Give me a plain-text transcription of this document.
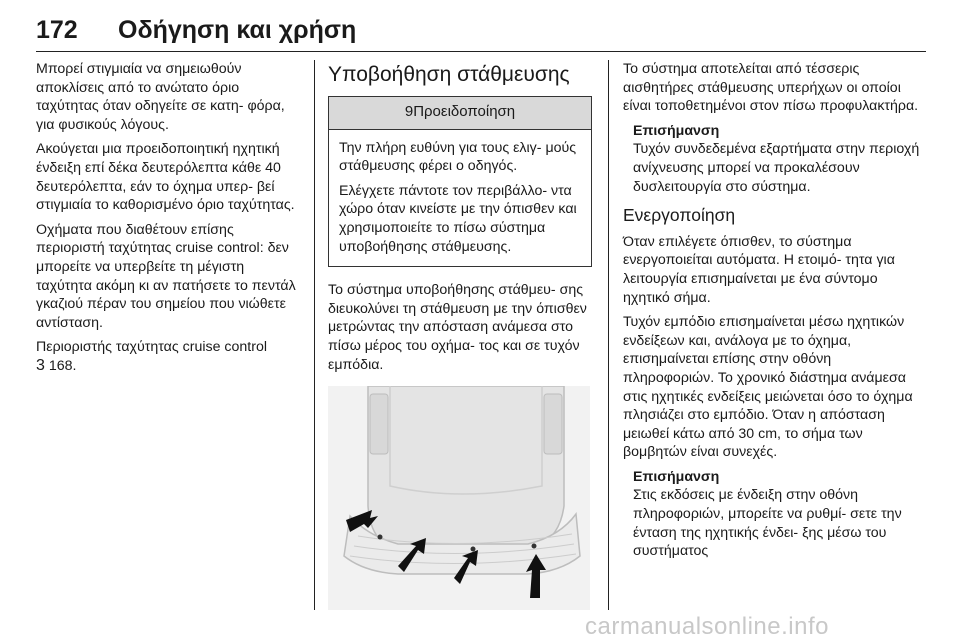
172 Οδήγηση και χρήση

Μπορεί στιγμιαία να σημειωθούν αποκλίσεις από το ανώτατο όριο ταχύτητας όταν οδηγείτε σε κατη- φόρα, για φυσικούς λόγους.

Ακούγεται μια προειδοποιητική ηχητική ένδειξη επί δέκα δευτερόλεπτα κάθε 40 δευτερόλεπτα, εάν το όχημα υπερ- βεί στιγμιαία το καθορισμένο όριο ταχύτητας.

Οχήματα που διαθέτουν επίσης περιοριστή ταχύτητας cruise control: δεν μπορείτε να υπερβείτε τη μέγιστη ταχύτητα ακόμη κι αν πατήσετε το πεντάλ γκαζιού πέραν του σημείου που νιώθετε αντίσταση.

Περιοριστής ταχύτητας cruise control
3 168.

Υποβοήθηση στάθμευσης
9Προειδοποίηση

Την πλήρη ευθύνη για τους ελιγ- μούς στάθμευσης φέρει ο οδηγός.

Ελέγχετε πάντοτε τον περιβάλλο- ντα χώρο όταν κινείστε με την όπισθεν και χρησιμοποιείτε το πίσω σύστημα υποβοήθησης στάθμευσης.

Το σύστημα υποβοήθησης στάθμευ- σης διευκολύνει τη στάθμευση με την όπισθεν μετρώντας την απόσταση ανάμεσα στο πίσω μέρος του οχήμα- τος και σε τυχόν εμπόδια.

Το σύστημα αποτελείται από τέσσερις αισθητήρες στάθμευσης υπερήχων οι οποίοι είναι τοποθετημένοι στον πίσω προφυλακτήρα.

Επισήμανση
Τυχόν συνδεδεμένα εξαρτήματα στην περιοχή ανίχνευσης μπορεί να προκαλέσουν δυσλειτουργία στο σύστημα.
Ενεργοποίηση

Όταν επιλέγετε όπισθεν, το σύστημα ενεργοποιείται αυτόματα. Η ετοιμό- τητα για λειτουργία επισημαίνεται με ένα σύντομο ηχητικό σήμα.

Τυχόν εμπόδιο επισημαίνεται μέσω ηχητικών ενδείξεων και, ανάλογα με το όχημα, επισημαίνεται επίσης στην οθόνη πληροφοριών. Το χρονικό διάστημα ανάμεσα στις ηχητικές ενδείξεις μειώνεται όσο το όχημα πλησιάζει στο εμπόδιο. Όταν η απόσταση μειωθεί κάτω από 30 cm, το σήμα των βομβητών είναι συνεχές.

Επισήμανση
Στις εκδόσεις με ένδειξη στην οθόνη πληροφοριών, μπορείτε να ρυθμί- σετε την ένταση της ηχητικής ένδει- ξης μέσω του συστήματος
carmanualsonline.info
